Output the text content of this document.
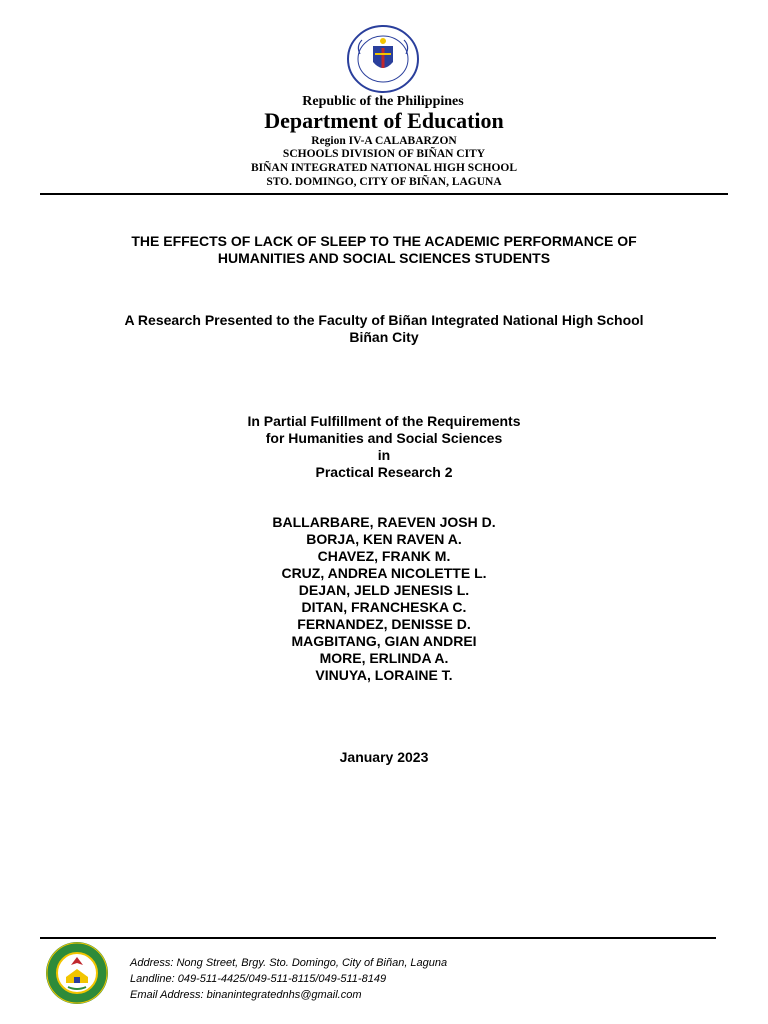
Republic of the Philippines
Department of Education
Region IV-A CALABARZON
SCHOOLS DIVISION OF BIÑAN CITY
BIÑAN INTEGRATED NATIONAL HIGH SCHOOL
STO. DOMINGO, CITY OF BIÑAN, LAGUNA
THE EFFECTS OF LACK OF SLEEP TO THE ACADEMIC PERFORMANCE OF
HUMANITIES AND SOCIAL SCIENCES STUDENTS
A Research Presented to the Faculty of Biñan Integrated National High School
Biñan City
In Partial Fulfillment of the Requirements
for Humanities and Social Sciences
in
Practical Research 2
BALLARBARE, RAEVEN JOSH D.
BORJA, KEN RAVEN A.
CHAVEZ, FRANK M.
CRUZ, ANDREA NICOLETTE L.
DEJAN, JELD JENESIS L.
DITAN, FRANCHESKA C.
FERNANDEZ, DENISSE D.
MAGBITANG, GIAN ANDREI
MORE, ERLINDA A.
VINUYA, LORAINE T.
January 2023
Address: Nong Street, Brgy. Sto. Domingo, City of Biñan, Laguna
Landline: 049-511-4425/049-511-8115/049-511-8149
Email Address: binanintegratednhs@gmail.com
